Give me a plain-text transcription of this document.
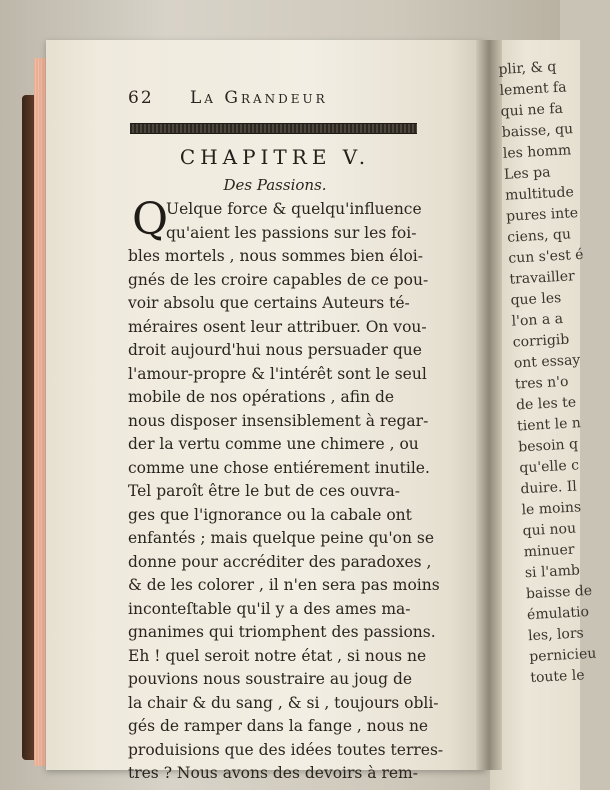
62 La Grandeur
CHAPITRE V.
Des Passions.
Q
Uelque force & quelqu'influence
qu'aient les passions sur les foi-
bles mortels , nous sommes bien éloi-
gnés de les croire capables de ce pou-
voir absolu que certains Auteurs té-
méraires osent leur attribuer. On vou-
droit aujourd'hui nous persuader que
l'amour-propre & l'intérêt sont le seul
mobile de nos opérations , afin de
nous disposer insensiblement à regar-
der la vertu comme une chimere , ou
comme une chose entiérement inutile.
Tel paroît être le but de ces ouvra-
ges que l'ignorance ou la cabale ont
enfantés ; mais quelque peine qu'on se
donne pour accréditer des paradoxes ,
& de les colorer , il n'en sera pas moins
inconteſtable qu'il y a des ames ma-
gnanimes qui triomphent des passions.
Eh ! quel seroit notre état , si nous ne
pouvions nous soustraire au joug de
la chair & du sang , & si , toujours obli-
gés de ramper dans la fange , nous ne
produisions que des idées toutes terres-
tres ? Nous avons des devoirs à rem-
plir, & q
lement fa
qui ne fa
baisse, qu
les homm
Les pa
multitude
pures inte
ciens, qu
cun s'est é
travailler
que les
l'on a a
corrigib
ont essay
tres n'o
de les te
tient le n
besoin q
qu'elle c
duire. Il
le moins
qui nou
minuer
si l'amb
baisse de
émulatio
les, lors
pernicieu
toute le
